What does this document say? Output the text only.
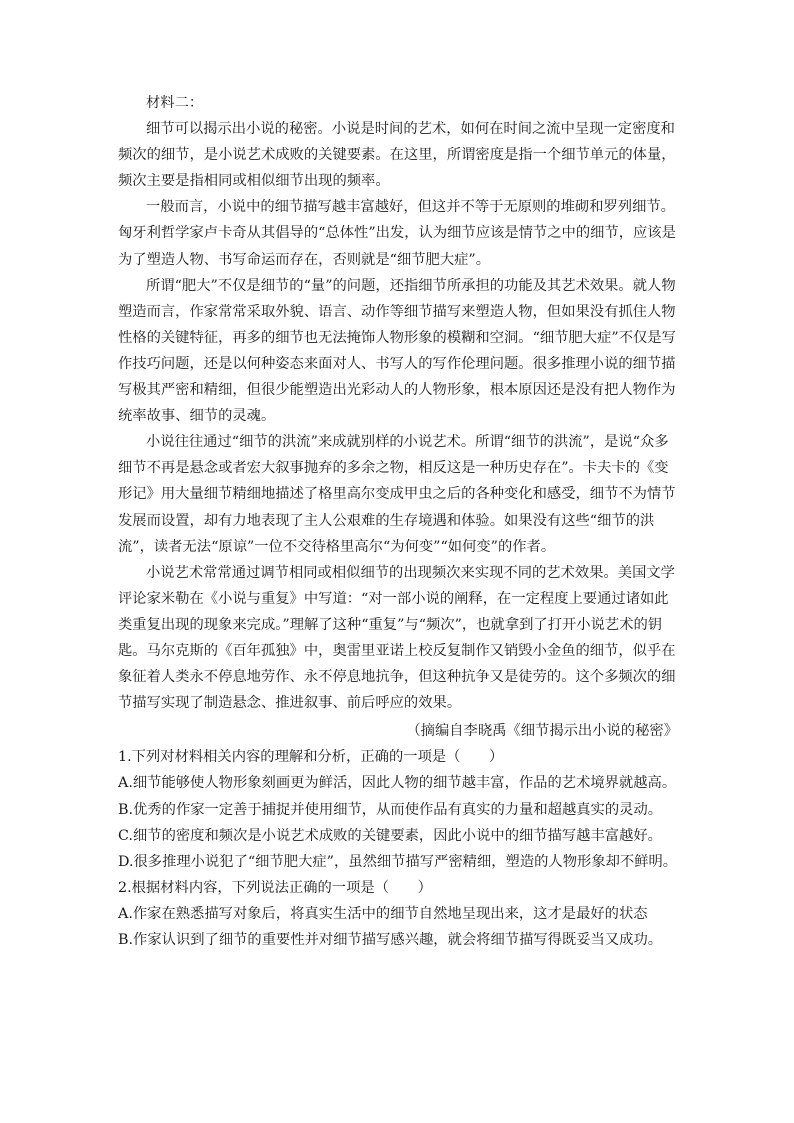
材料二：

细节可以揭示出小说的秘密。小说是时间的艺术，如何在时间之流中呈现一定密度和频次的细节，是小说艺术成败的关键要素。在这里，所谓密度是指一个细节单元的体量，频次主要是指相同或相似细节出现的频率。

一般而言，小说中的细节描写越丰富越好，但这并不等于无原则的堆砌和罗列细节。匈牙利哲学家卢卡奇从其倡导的“总体性”出发，认为细节应该是情节之中的细节，应该是为了塑造人物、书写命运而存在，否则就是“细节肥大症”。

所谓“肥大”不仅是细节的“量”的问题，还指细节所承担的功能及其艺术效果。就人物塑造而言，作家常常采取外貌、语言、动作等细节描写来塑造人物，但如果没有抓住人物性格的关键特征，再多的细节也无法掩饰人物形象的模糊和空洞。“细节肥大症”不仅是写作技巧问题，还是以何种姿态来面对人、书写人的写作伦理问题。很多推理小说的细节描写极其严密和精细，但很少能塑造出光彩动人的人物形象，根本原因还是没有把人物作为统率故事、细节的灵魂。

小说往往通过“细节的洪流”来成就别样的小说艺术。所谓“细节的洪流”，是说“众多细节不再是悬念或者宏大叙事抛弃的多余之物，相反这是一种历史存在”。卡夫卡的《变形记》用大量细节精细地描述了格里高尔变成甲虫之后的各种变化和感受，细节不为情节发展而设置，却有力地表现了主人公艰难的生存境遇和体验。如果没有这些“细节的洪流”，读者无法“原谅”一位不交待格里高尔“为何变”“如何变”的作者。

小说艺术常常通过调节相同或相似细节的出现频次来实现不同的艺术效果。美国文学评论家米勒在《小说与重复》中写道：“对一部小说的阐释，在一定程度上要通过诸如此类重复出现的现象来完成。”理解了这种“重复”与“频次”，也就拿到了打开小说艺术的钥匙。马尔克斯的《百年孤独》中，奥雷里亚诺上校反复制作又销毁小金鱼的细节，似乎在象征着人类永不停息地劳作、永不停息地抗争，但这种抗争又是徒劳的。这个多频次的细节描写实现了制造悬念、推进叙事、前后呼应的效果。

（摘编自李晓禹《细节揭示出小说的秘密》

1.下列对材料相关内容的理解和分析，正确的一项是（　　）

A.细节能够使人物形象刻画更为鲜活，因此人物的细节越丰富，作品的艺术境界就越高。

B.优秀的作家一定善于捕捉并使用细节，从而使作品有真实的力量和超越真实的灵动。

C.细节的密度和频次是小说艺术成败的关键要素，因此小说中的细节描写越丰富越好。

D.很多推理小说犯了“细节肥大症”，虽然细节描写严密精细，塑造的人物形象却不鲜明。

2.根据材料内容，下列说法正确的一项是（　　）

A.作家在熟悉描写对象后，将真实生活中的细节自然地呈现出来，这才是最好的状态

B.作家认识到了细节的重要性并对细节描写感兴趣，就会将细节描写得既妥当又成功。
